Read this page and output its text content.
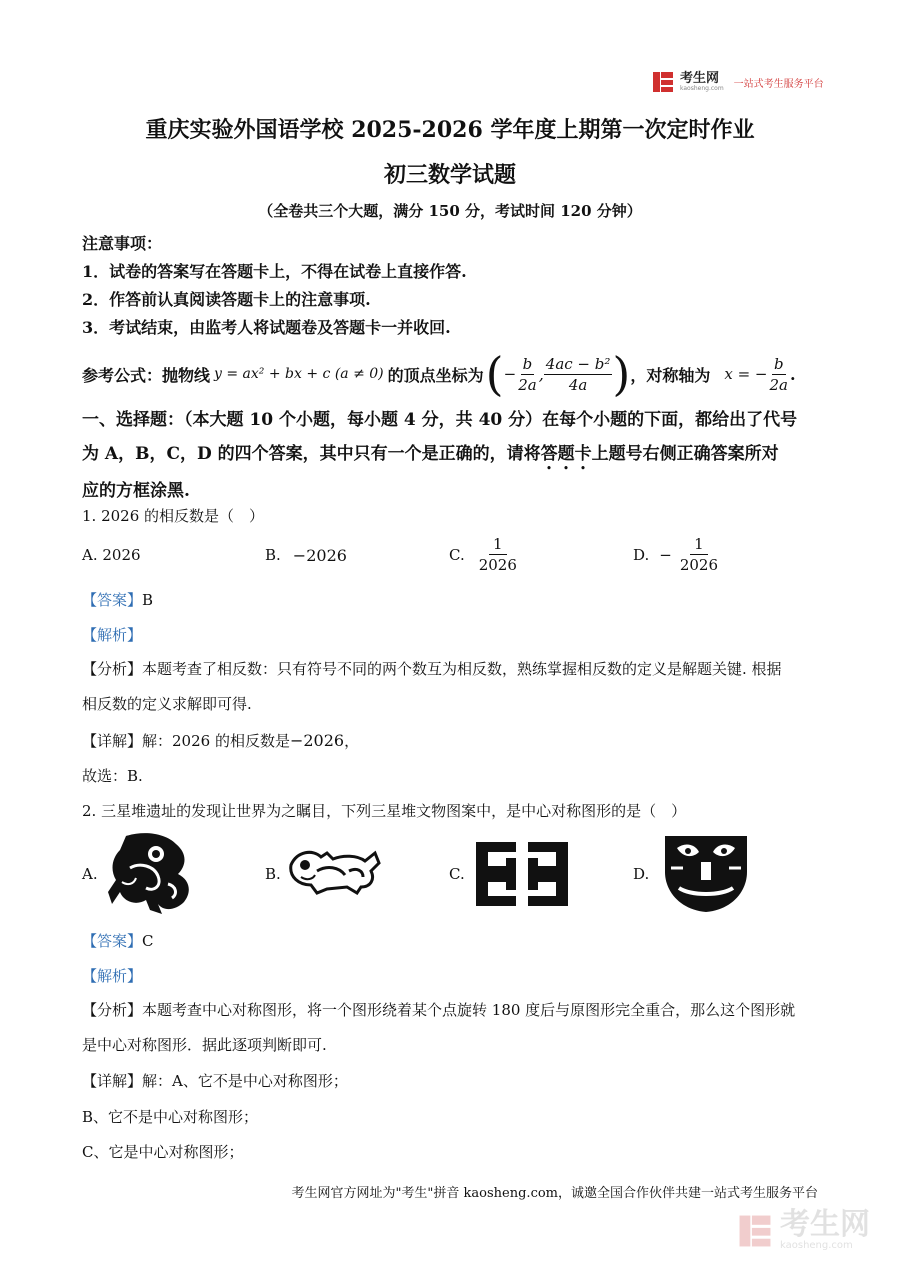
考生网
kaosheng.com 一站式考生服务平台
重庆实验外国语学校 2025-2026 学年度上期第一次定时作业
初三数学试题
（全卷共三个大题，满分 150 分，考试时间 120 分钟）
注意事项：
1．试卷的答案写在答题卡上，不得在试卷上直接作答.
2．作答前认真阅读答题卡上的注意事项.
3．考试结束，由监考人将试题卷及答题卡一并收回.
参考公式：抛物线 y = ax² + bx + c (a ≠ 0) 的顶点坐标为 ( − $\frac{b}{2a}$ , $\frac{\text{4ac − b²}}{4a}$ ) ，对称轴为 x = − $\frac{b}{2a}$ .
一、选择题：（本大题 10 个小题，每小题 4 分，共 40 分）在每个小题的下面，都给出了代号
为 A，B，C，D 的四个答案，其中只有一个是正确的，请将答题卡上题号右侧正确答案所对
应的方框涂黑.
1. 2026 的相反数是（　）
A. 2026	B. −2026	C. $\frac{1}{2026}$	D. − $\frac{1}{2026}$
【答案】B
【解析】
【分析】本题考查了相反数：只有符号不同的两个数互为相反数，熟练掌握相反数的定义是解题关键. 根据
相反数的定义求解即可得.
【详解】解：2026 的相反数是−2026，
故选：B.
2. 三星堆遗址的发现让世界为之瞩目，下列三星堆文物图案中，是中心对称图形的是（　）
A.	B.	C.	D.
【答案】C
【解析】
【分析】本题考查中心对称图形，将一个图形绕着某个点旋转 180 度后与原图形完全重合，那么这个图形就
是中心对称图形．据此逐项判断即可.
【详解】解：A、它不是中心对称图形；
B、它不是中心对称图形；
C、它是中心对称图形；
考生网官方网址为"考生"拼音 kaosheng.com，诚邀全国合作伙伴共建一站式考生服务平台
考生网
kaosheng.com
